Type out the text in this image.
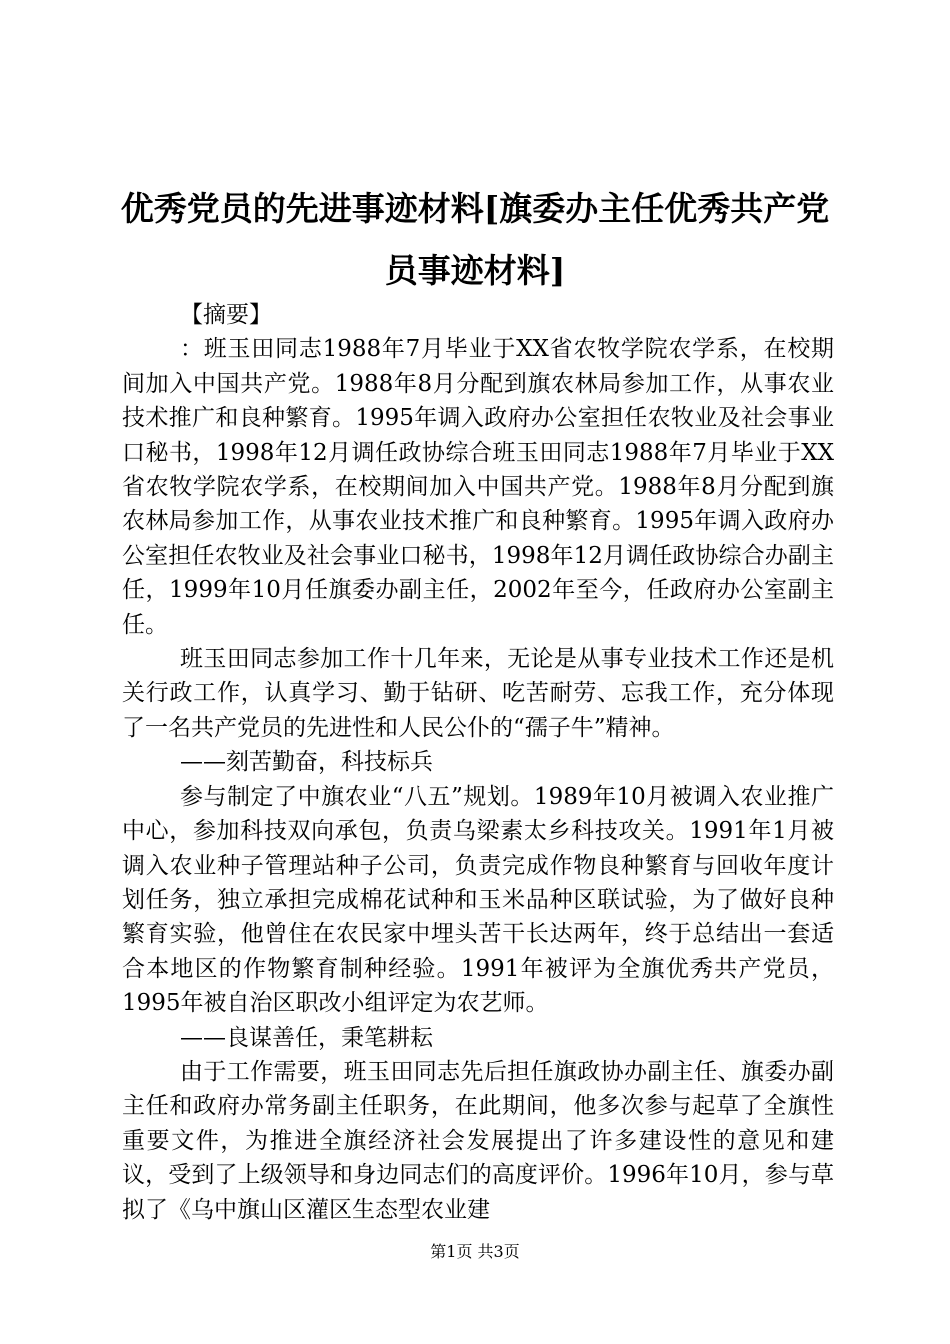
优秀党员的先进事迹材料[旗委办主任优秀共产党员事迹材料]

【摘要】

：班玉田同志1988年7月毕业于XX省农牧学院农学系，在校期间加入中国共产党。1988年8月分配到旗农林局参加工作，从事农业技术推广和良种繁育。1995年调入政府办公室担任农牧业及社会事业口秘书，1998年12月调任政协综合班玉田同志1988年7月毕业于XX省农牧学院农学系，在校期间加入中国共产党。1988年8月分配到旗农林局参加工作，从事农业技术推广和良种繁育。1995年调入政府办公室担任农牧业及社会事业口秘书，1998年12月调任政协综合办副主任，1999年10月任旗委办副主任，2002年至今，任政府办公室副主任。

班玉田同志参加工作十几年来，无论是从事专业技术工作还是机关行政工作，认真学习、勤于钻研、吃苦耐劳、忘我工作，充分体现了一名共产党员的先进性和人民公仆的“孺子牛”精神。

——刻苦勤奋，科技标兵

参与制定了中旗农业“八五”规划。1989年10月被调入农业推广中心，参加科技双向承包，负责乌梁素太乡科技攻关。1991年1月被调入农业种子管理站种子公司，负责完成作物良种繁育与回收年度计划任务，独立承担完成棉花试种和玉米品种区联试验，为了做好良种繁育实验，他曾住在农民家中埋头苦干长达两年，终于总结出一套适合本地区的作物繁育制种经验。1991年被评为全旗优秀共产党员，1995年被自治区职改小组评定为农艺师。

——良谋善任，秉笔耕耘

由于工作需要，班玉田同志先后担任旗政协办副主任、旗委办副主任和政府办常务副主任职务，在此期间，他多次参与起草了全旗性重要文件，为推进全旗经济社会发展提出了许多建设性的意见和建议，受到了上级领导和身边同志们的高度评价。1996年10月，参与草拟了《乌中旗山区灌区生态型农业建

第1页 共3页
